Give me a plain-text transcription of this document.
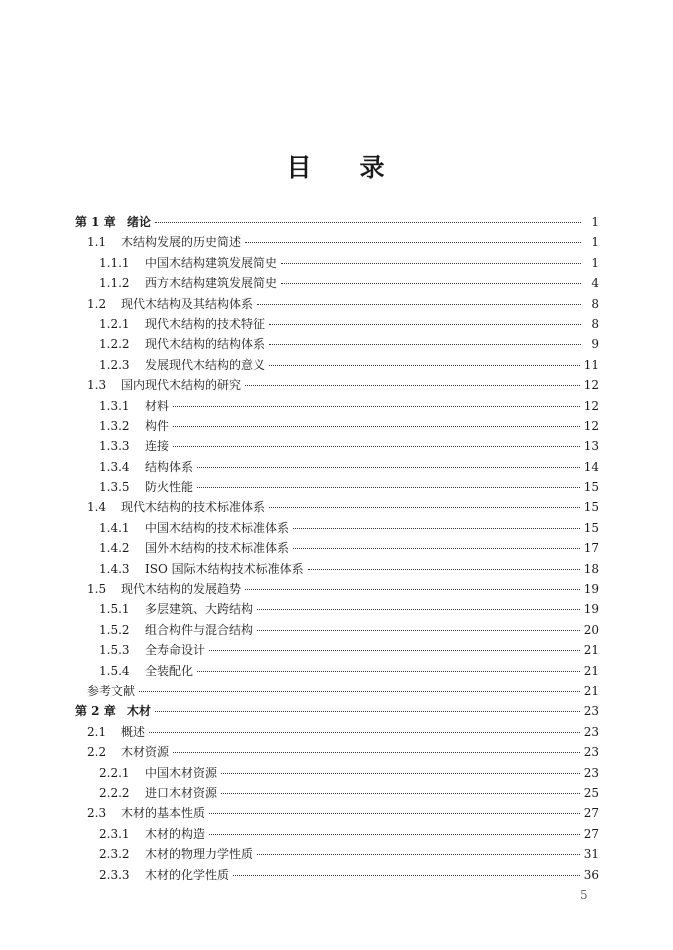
目 录
第 1 章 绪论	1
1.1 木结构发展的历史简述	1
1.1.1 中国木结构建筑发展简史	1
1.1.2 西方木结构建筑发展简史	4
1.2 现代木结构及其结构体系	8
1.2.1 现代木结构的技术特征	8
1.2.2 现代木结构的结构体系	9
1.2.3 发展现代木结构的意义	11
1.3 国内现代木结构的研究	12
1.3.1 材料	12
1.3.2 构件	12
1.3.3 连接	13
1.3.4 结构体系	14
1.3.5 防火性能	15
1.4 现代木结构的技术标准体系	15
1.4.1 中国木结构的技术标准体系	15
1.4.2 国外木结构的技术标准体系	17
1.4.3 ISO 国际木结构技术标准体系	18
1.5 现代木结构的发展趋势	19
1.5.1 多层建筑、大跨结构	19
1.5.2 组合构件与混合结构	20
1.5.3 全寿命设计	21
1.5.4 全装配化	21
参考文献	21
第 2 章 木材	23
2.1 概述	23
2.2 木材资源	23
2.2.1 中国木材资源	23
2.2.2 进口木材资源	25
2.3 木材的基本性质	27
2.3.1 木材的构造	27
2.3.2 木材的物理力学性质	31
2.3.3 木材的化学性质	36
5
